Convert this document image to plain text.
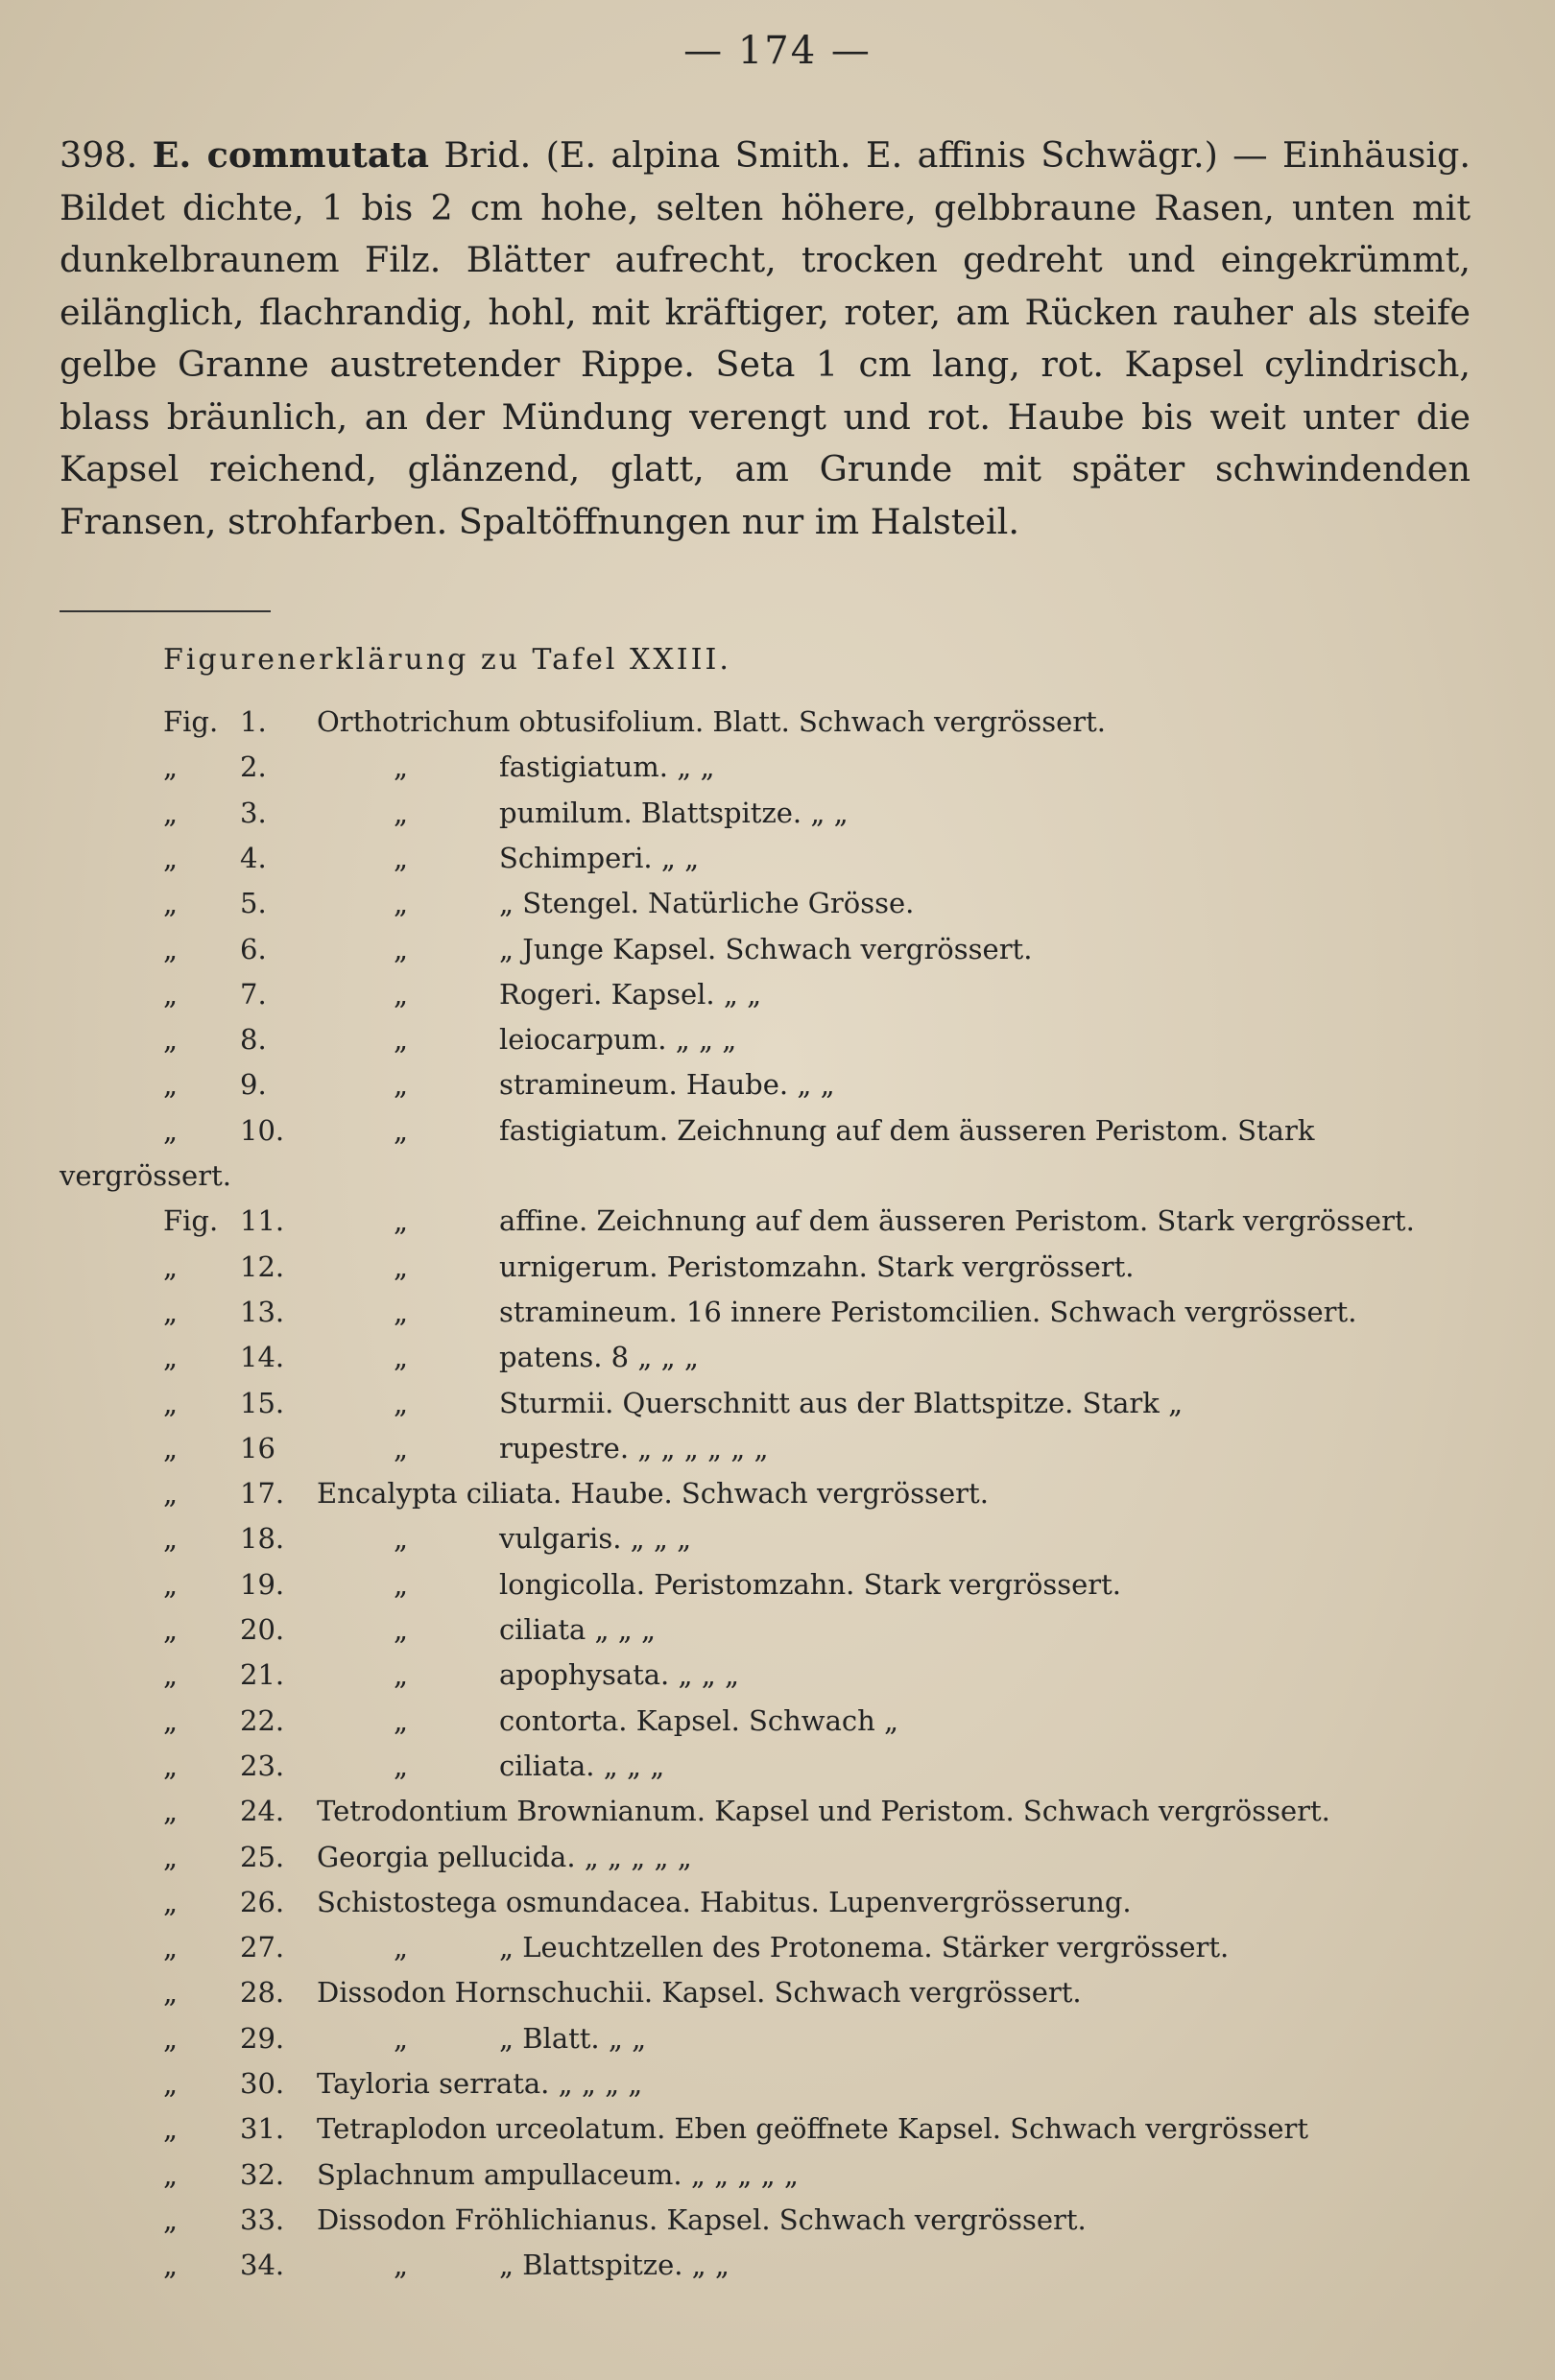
— 174 —
398. E. commutata Brid. (E. alpina Smith. E. affinis Schwägr.) — Einhäusig. Bildet dichte, 1 bis 2 cm hohe, selten höhere, gelbbraune Rasen, unten mit dunkelbraunem Filz. Blätter aufrecht, trocken gedreht und eingekrümmt, eilänglich, flachrandig, hohl, mit kräftiger, roter, am Rücken rauher als steife gelbe Granne austretender Rippe. Seta 1 cm lang, rot. Kapsel cylindrisch, blass bräunlich, an der Mündung verengt und rot. Haube bis weit unter die Kapsel reichend, glänzend, glatt, am Grunde mit später schwindenden Fransen, strohfarben. Spaltöffnungen nur im Halsteil.
Figurenerklärung zu Tafel XXIII.
Fig. 1. Orthotrichum obtusifolium. Blatt. Schwach vergrössert.
„ 2.	„	fastigiatum. „ „
„ 3.	„	pumilum. Blattspitze. „ „
„ 4.	„	Schimperi. „ „
„ 5.	„	„ Stengel. Natürliche Grösse.
„ 6.	„	„ Junge Kapsel. Schwach vergrössert.
„ 7.	„	Rogeri. Kapsel. „ „
„ 8.	„	leiocarpum. „ „ „
„ 9.	„	stramineum. Haube. „ „
„ 10.	„	fastigiatum. Zeichnung auf dem äusseren Peristom. Stark
vergrössert.
Fig. 11.	„	affine. Zeichnung auf dem äusseren Peristom. Stark vergrössert.
„ 12.	„	urnigerum. Peristomzahn. Stark vergrössert.
„ 13.	„	stramineum. 16 innere Peristomcilien. Schwach vergrössert.
„ 14.	„	patens. 8 „ „ „
„ 15.	„	Sturmii. Querschnitt aus der Blattspitze. Stark „
„ 16	„	rupestre. „ „ „ „ „ „
„ 17. Encalypta ciliata. Haube. Schwach vergrössert.
„ 18.	„	vulgaris. „ „ „
„ 19.	„	longicolla. Peristomzahn. Stark vergrössert.
„ 20.	„	ciliata „ „ „
„ 21.	„	apophysata. „ „ „
„ 22.	„	contorta. Kapsel. Schwach „
„ 23.	„	ciliata. „ „ „
„ 24. Tetrodontium Brownianum. Kapsel und Peristom. Schwach vergrössert.
„ 25. Georgia pellucida. „ „ „ „ „
„ 26. Schistostega osmundacea. Habitus. Lupenvergrösserung.
„ 27.	„	„ Leuchtzellen des Protonema. Stärker vergrössert.
„ 28. Dissodon Hornschuchii. Kapsel. Schwach vergrössert.
„ 29.	„	„ Blatt. „ „
„ 30. Tayloria serrata. „ „ „ „
„ 31. Tetraplodon urceolatum. Eben geöffnete Kapsel. Schwach vergrössert
„ 32. Splachnum ampullaceum. „ „ „ „ „
„ 33. Dissodon Fröhlichianus. Kapsel. Schwach vergrössert.
„ 34.	„	„ Blattspitze. „ „
